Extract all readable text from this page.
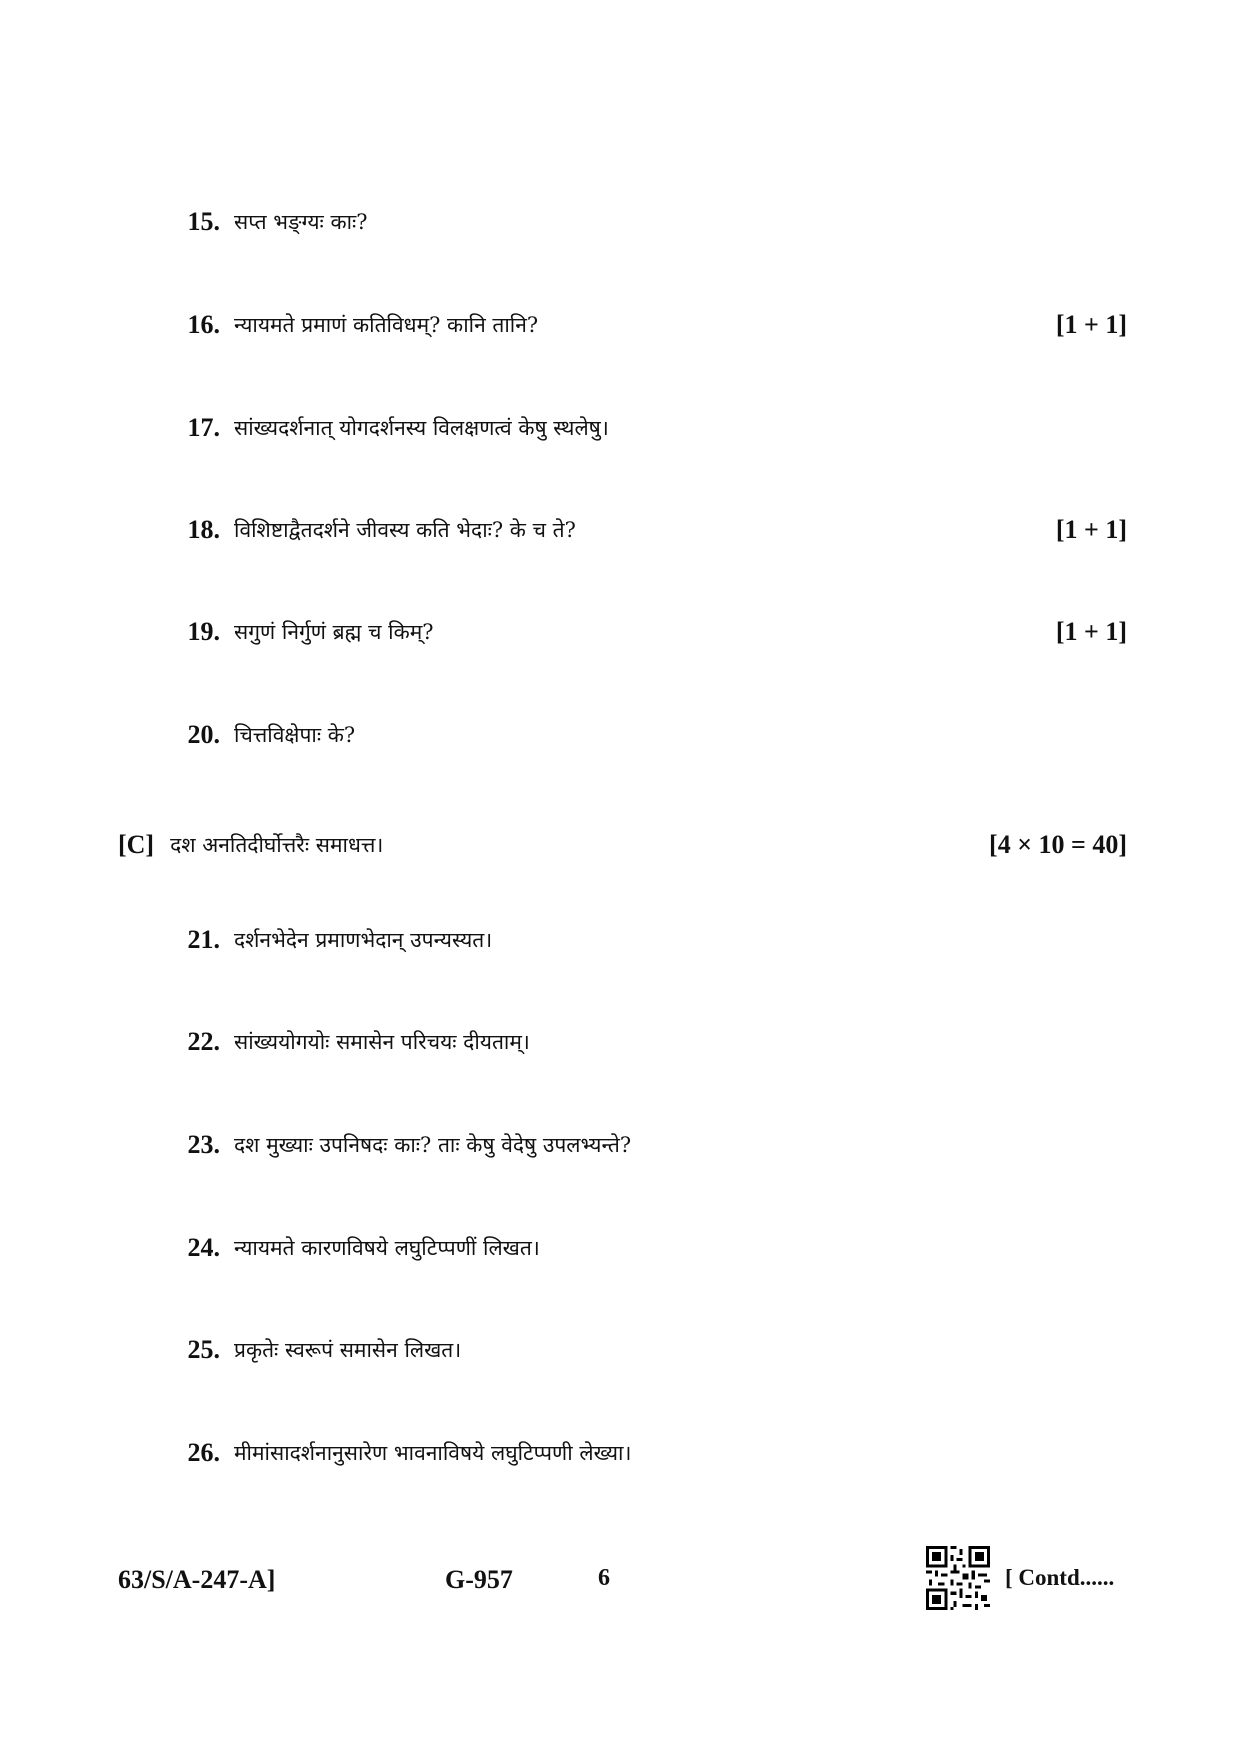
15. सप्त भङ्ग्यः काः?
16. न्यायमते प्रमाणं कतिविधम्? कानि तानि?	[1 + 1]
17. सांख्यदर्शनात् योगदर्शनस्य विलक्षणत्वं केषु स्थलेषु।
18. विशिष्टाद्वैतदर्शने जीवस्य कति भेदाः? के च ते?	[1 + 1]
19. सगुणं निर्गुणं ब्रह्म च किम्?	[1 + 1]
20. चित्तविक्षेपाः के?
[C] दश अनतिदीर्घोत्तरैः समाधत्त।	[4 × 10 = 40]
21. दर्शनभेदेन प्रमाणभेदान् उपन्यस्यत।
22. सांख्ययोगयोः समासेन परिचयः दीयताम्।
23. दश मुख्याः उपनिषदः काः? ताः केषु वेदेषु उपलभ्यन्ते?
24. न्यायमते कारणविषये लघुटिप्पणीं लिखत।
25. प्रकृतेः स्वरूपं समासेन लिखत।
26. मीमांसादर्शनानुसारेण भावनाविषये लघुटिप्पणी लेख्या।
63/S/A-247-A]	G-957	6	[ Contd......
